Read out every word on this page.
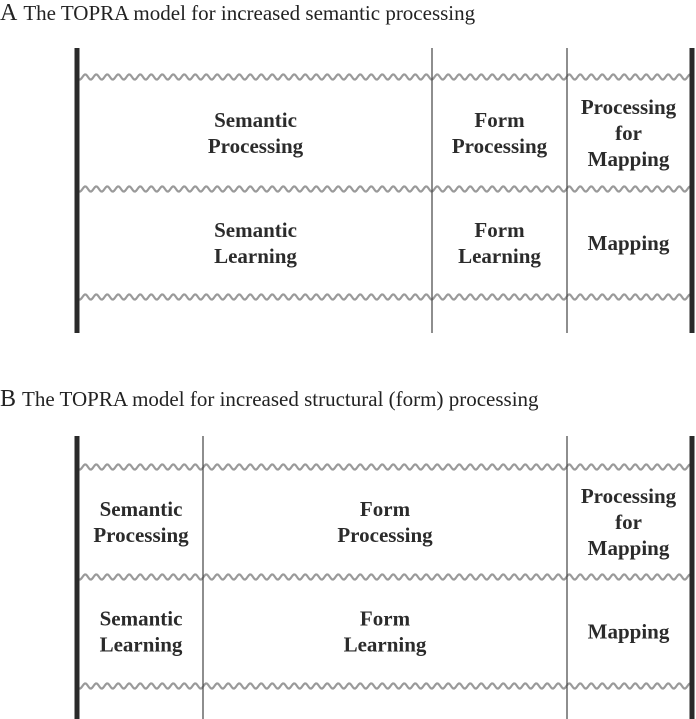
A The TOPRA model for increased semantic processing
Semantic Processing
Form Processing
Processing for Mapping
Semantic Learning
Form Learning
Mapping
B The TOPRA model for increased structural (form) processing
Semantic Processing
Form Processing
Processing for Mapping
Semantic Learning
Form Learning
Mapping
